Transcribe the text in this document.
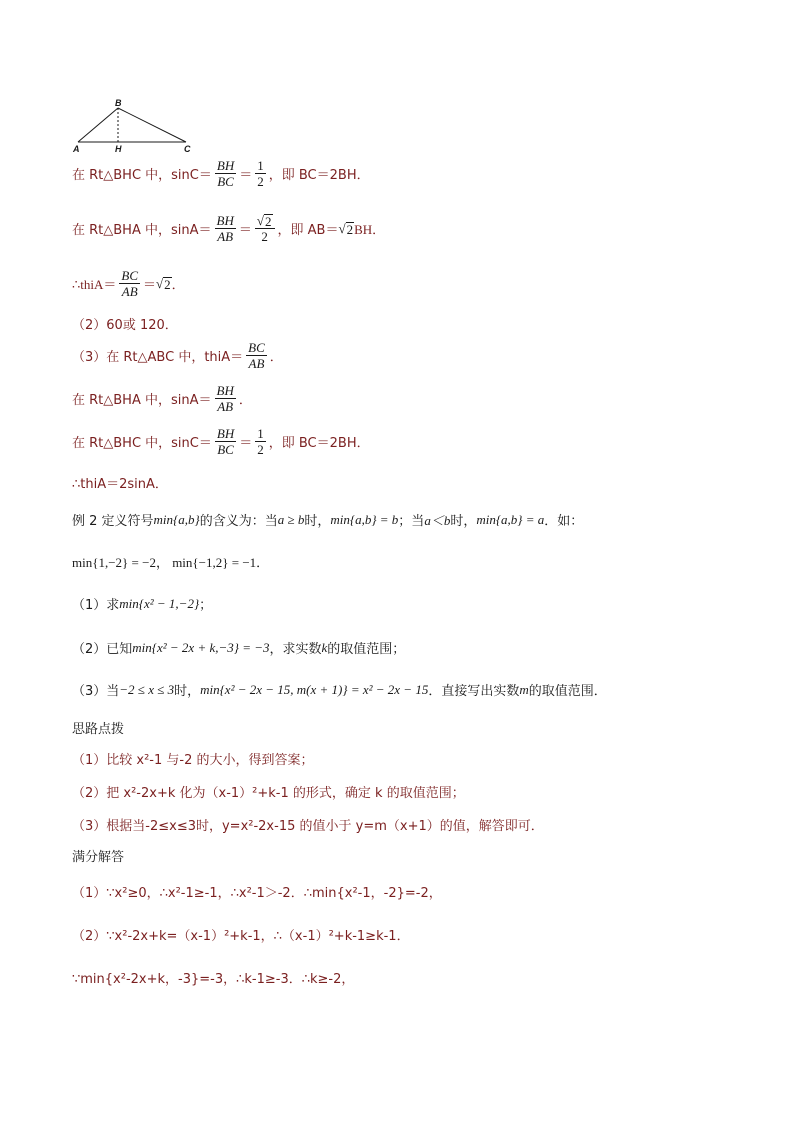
B
A	H	C
在 Rt△BHC 中，$\sin C= \frac{BH}{BC} = \frac{1}{2}$ ，即 BC＝2BH．
在 Rt△BHA 中，$\sin A= \frac{BH}{AB} = \frac{√ 2}{2}$ ，即 AB＝ √ 2 BH．
∴thiA＝ $\frac{BC}{AB}$ ＝ √ 2 ．
（2）60或 120．
（3）在 Rt△ABC 中，thiA＝ $\frac{BC}{AB}$ ．
在 Rt△BHA 中，$\sin A= \frac{BH}{AB}$ ．
在 Rt△BHC 中，$\sin C= \frac{BH}{BC} = \frac{1}{2}$ ，即 BC＝2BH．
∴thiA＝2sinA．
例 2 定义符号 min{a,b} 的含义为：当 a ≥ b 时， min{a,b} = b ；当 a＜b 时， min{a,b} = a ．如：
min{1,−2} = −2， min{−1,2} = −1．
（1）求 min{x² − 1,−2} ；
（2）已知 min{x² − 2x + k,−3} = −3 ，求实数 k 的取值范围；
（3）当 −2 ≤ x ≤ 3 时， min{x² − 2x − 15, m(x + 1)} = x² − 2x − 15 ．直接写出实数 m 的取值范围．
思路点拨
（1）比较 x²-1 与-2 的大小，得到答案；
（2）把 x²-2x+k 化为（x-1）²+k-1 的形式，确定 k 的取值范围；
（3）根据当-2≤x≤3时，y=x²-2x-15 的值小于 y=m（x+1）的值，解答即可．
满分解答
（1）∵x²≥0，∴x²-1≥-1，∴x²-1＞-2．∴min{x²-1，-2}=-2，
（2）∵x²-2x+k=（x-1）²+k-1，∴（x-1）²+k-1≥k-1．
∵min{x²-2x+k，-3}=-3，∴k-1≥-3．∴k≥-2，
